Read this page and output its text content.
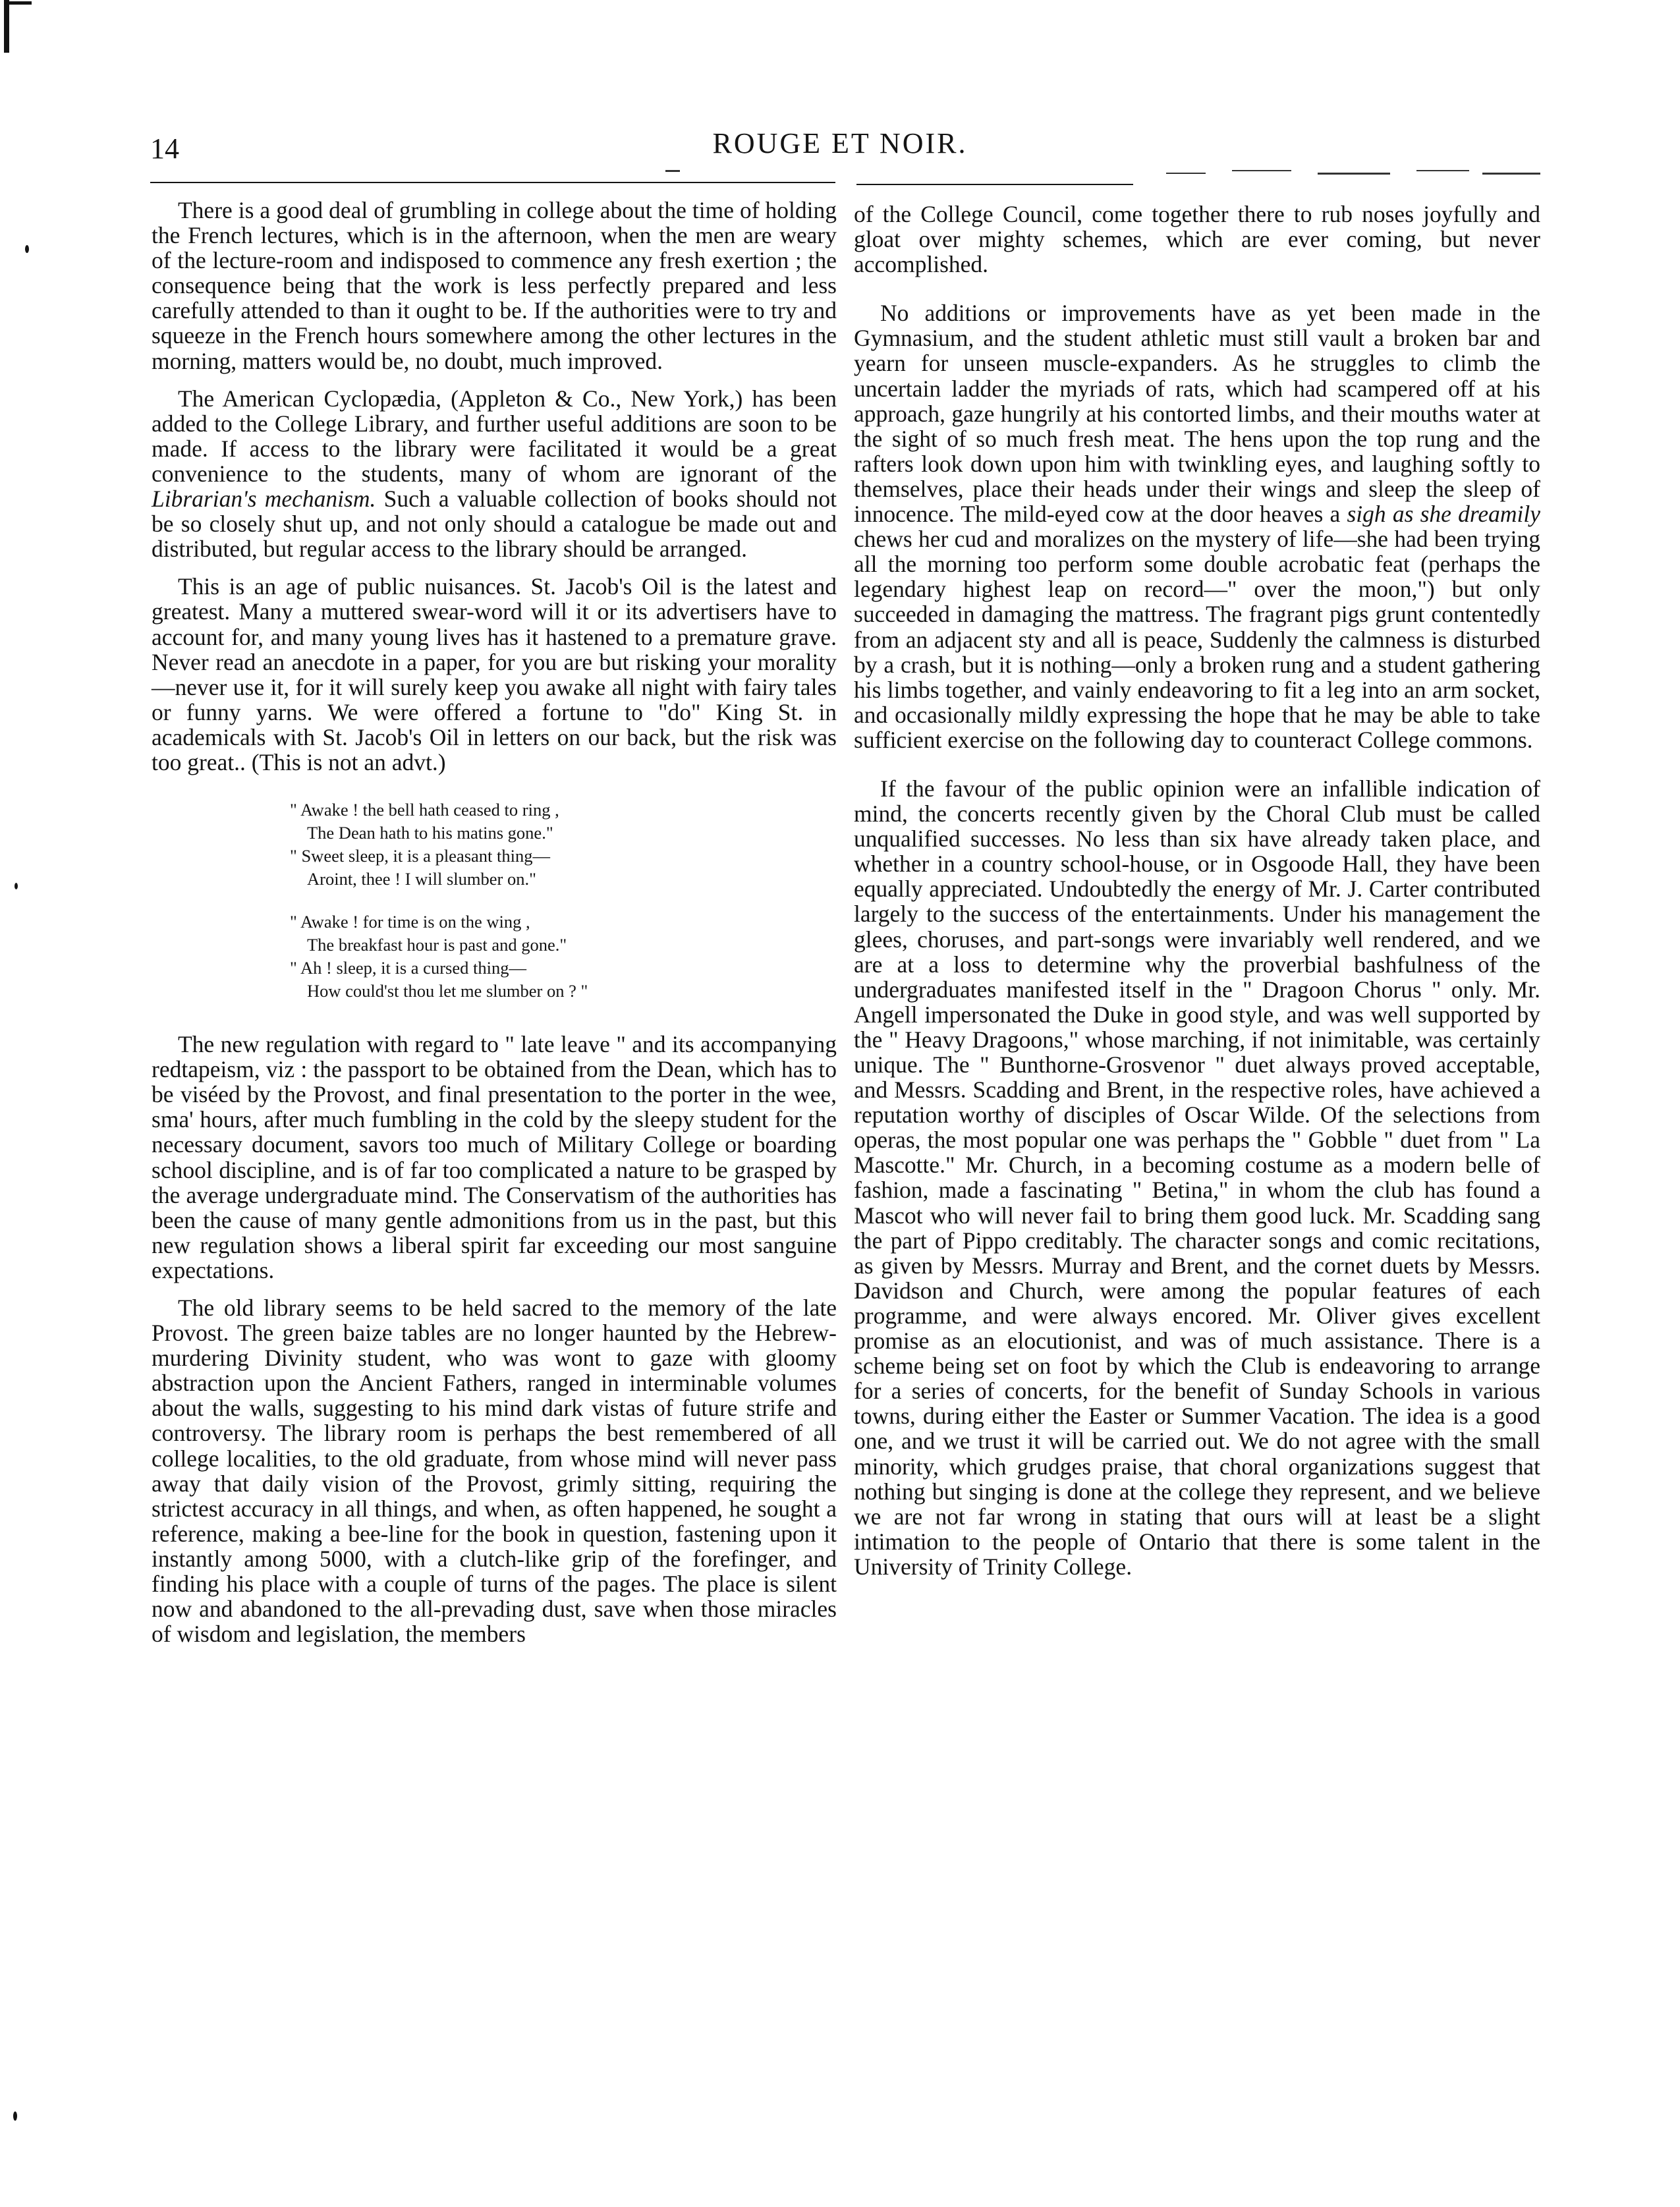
14	ROUGE ET NOIR.

There is a good deal of grumbling in college about the time of holding the French lectures, which is in the afternoon, when the men are weary of the lecture-room and indisposed to commence any fresh exertion ; the consequence being that the work is less perfectly prepared and less carefully attended to than it ought to be. If the authorities were to try and squeeze in the French hours somewhere among the other lectures in the morning, matters would be, no doubt, much improved.

The American Cyclopædia, (Appleton & Co., New York,) has been added to the College Library, and further useful additions are soon to be made. If access to the library were facilitated it would be a great convenience to the students, many of whom are ignorant of the Librarian's mechanism. Such a valuable collection of books should not be so closely shut up, and not only should a catalogue be made out and distributed, but regular access to the library should be arranged.

This is an age of public nuisances. St. Jacob's Oil is the latest and greatest. Many a muttered swear-word will it or its advertisers have to account for, and many young lives has it hastened to a premature grave. Never read an anecdote in a paper, for you are but risking your morality —never use it, for it will surely keep you awake all night with fairy tales or funny yarns. We were offered a fortune to "do" King St. in academicals with St. Jacob's Oil in letters on our back, but the risk was too great.. (This is not an advt.)

" Awake ! the bell hath ceased to ring ,
The Dean hath to his matins gone."
" Sweet sleep, it is a pleasant thing—
Aroint, thee ! I will slumber on."
" Awake ! for time is on the wing ,
The breakfast hour is past and gone."
" Ah ! sleep, it is a cursed thing—
How could'st thou let me slumber on ? "

The new regulation with regard to " late leave " and its accompanying redtapeism, viz : the passport to be obtained from the Dean, which has to be viséed by the Provost, and final presentation to the porter in the wee, sma' hours, after much fumbling in the cold by the sleepy student for the necessary document, savors too much of Military College or boarding school discipline, and is of far too complicated a nature to be grasped by the average undergraduate mind. The Conservatism of the authorities has been the cause of many gentle admonitions from us in the past, but this new regulation shows a liberal spirit far exceeding our most sanguine expectations.

The old library seems to be held sacred to the memory of the late Provost. The green baize tables are no longer haunted by the Hebrew-murdering Divinity student, who was wont to gaze with gloomy abstraction upon the Ancient Fathers, ranged in interminable volumes about the walls, suggesting to his mind dark vistas of future strife and controversy. The library room is perhaps the best remembered of all college localities, to the old graduate, from whose mind will never pass away that daily vision of the Provost, grimly sitting, requiring the strictest accuracy in all things, and when, as often happened, he sought a reference, making a bee-line for the book in question, fastening upon it instantly among 5000, with a clutch-like grip of the forefinger, and finding his place with a couple of turns of the pages. The place is silent now and abandoned to the all-prevading dust, save when those miracles of wisdom and legislation, the members

of the College Council, come together there to rub noses joyfully and gloat over mighty schemes, which are ever coming, but never accomplished.

No additions or improvements have as yet been made in the Gymnasium, and the student athletic must still vault a broken bar and yearn for unseen muscle-expanders. As he struggles to climb the uncertain ladder the myriads of rats, which had scampered off at his approach, gaze hungrily at his contorted limbs, and their mouths water at the sight of so much fresh meat. The hens upon the top rung and the rafters look down upon him with twinkling eyes, and laughing softly to themselves, place their heads under their wings and sleep the sleep of innocence. The mild-eyed cow at the door heaves a sigh as she dreamily chews her cud and moralizes on the mystery of life—she had been trying all the morning too perform some double acrobatic feat (perhaps the legendary highest leap on record—" over the moon,") but only succeeded in damaging the mattress. The fragrant pigs grunt contentedly from an adjacent sty and all is peace, Suddenly the calmness is disturbed by a crash, but it is nothing—only a broken rung and a student gathering his limbs together, and vainly endeavoring to fit a leg into an arm socket, and occasionally mildly expressing the hope that he may be able to take sufficient exercise on the following day to counteract College commons.

If the favour of the public opinion were an infallible indication of mind, the concerts recently given by the Choral Club must be called unqualified successes. No less than six have already taken place, and whether in a country school-house, or in Osgoode Hall, they have been equally appreciated. Undoubtedly the energy of Mr. J. Carter contributed largely to the success of the entertainments. Under his management the glees, choruses, and part-songs were invariably well rendered, and we are at a loss to determine why the proverbial bashfulness of the undergraduates manifested itself in the " Dragoon Chorus " only. Mr. Angell impersonated the Duke in good style, and was well supported by the " Heavy Dragoons," whose marching, if not inimitable, was certainly unique. The " Bunthorne-Grosvenor " duet always proved acceptable, and Messrs. Scadding and Brent, in the respective roles, have achieved a reputation worthy of disciples of Oscar Wilde. Of the selections from operas, the most popular one was perhaps the " Gobble " duet from " La Mascotte." Mr. Church, in a becoming costume as a modern belle of fashion, made a fascinating " Betina," in whom the club has found a Mascot who will never fail to bring them good luck. Mr. Scadding sang the part of Pippo creditably. The character songs and comic recitations, as given by Messrs. Murray and Brent, and the cornet duets by Messrs. Davidson and Church, were among the popular features of each programme, and were always encored. Mr. Oliver gives excellent promise as an elocutionist, and was of much assistance. There is a scheme being set on foot by which the Club is endeavoring to arrange for a series of concerts, for the benefit of Sunday Schools in various towns, during either the Easter or Summer Vacation. The idea is a good one, and we trust it will be carried out. We do not agree with the small minority, which grudges praise, that choral organizations suggest that nothing but singing is done at the college they represent, and we believe we are not far wrong in stating that ours will at least be a slight intimation to the people of Ontario that there is some talent in the University of Trinity College.
